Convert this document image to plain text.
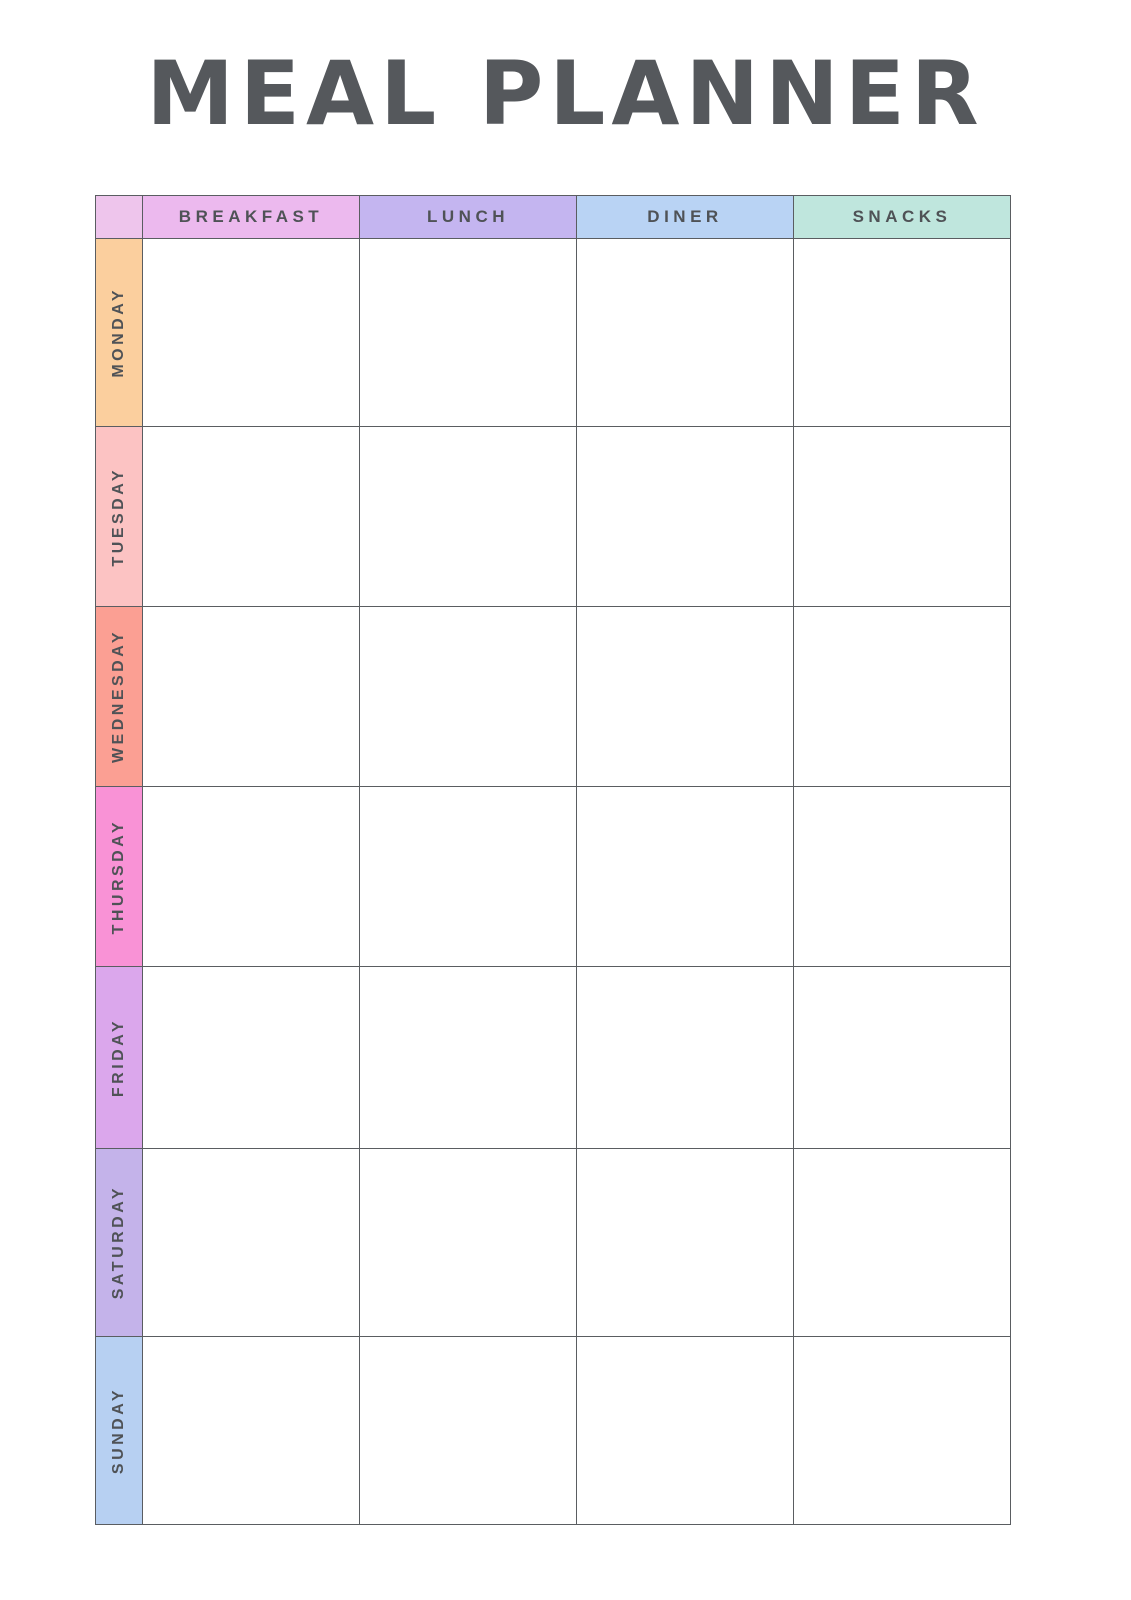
MEAL PLANNER
	BREAKFAST	LUNCH	DINER	SNACKS

MONDAY				

TUESDAY				

WEDNESDAY				

THURSDAY				

FRIDAY				

SATURDAY				

SUNDAY				
